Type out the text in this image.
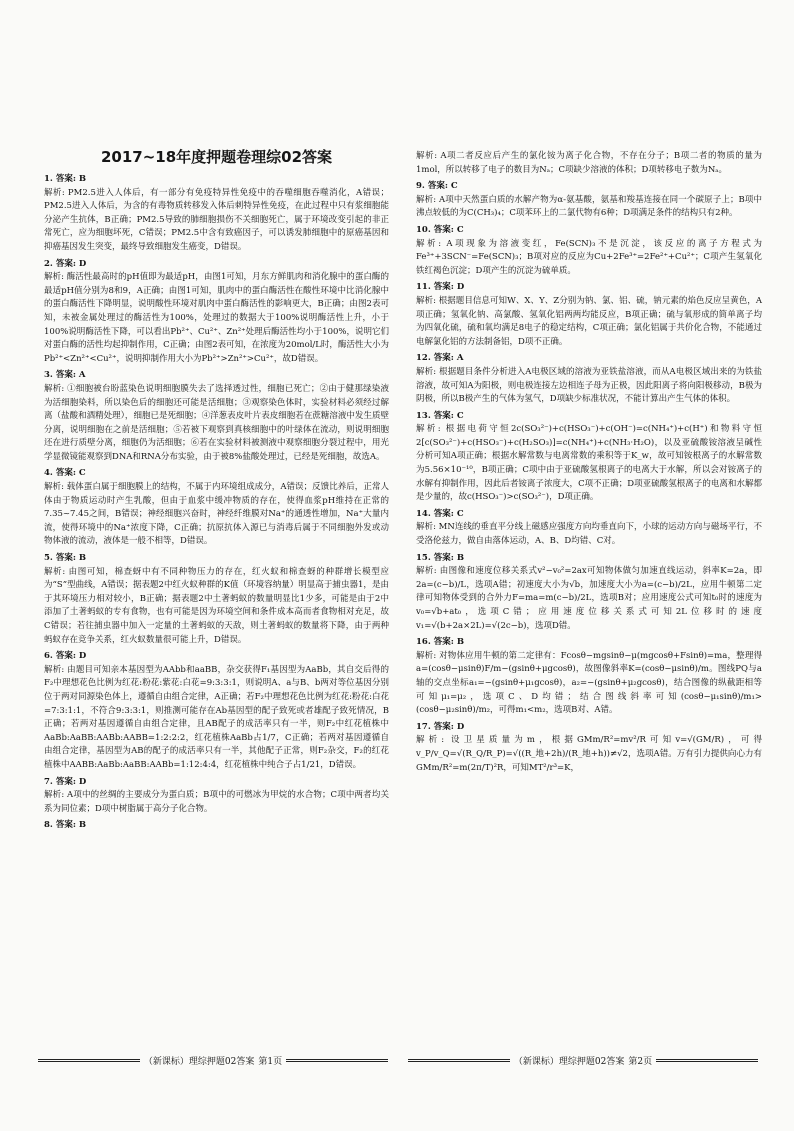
2017~18年度押题卷理综02答案

1. 答案: B

解析: PM2.5进入人体后，有一部分有免疫特异性免疫中的吞噬细胞吞噬消化，A错误；PM2.5进入人体后，为含的有毒物质转移发入体后刺特异性免疫，在此过程中只有浆细胞能分泌产生抗体，B正确；PM2.5导致的肺细胞损伤不关细胞死亡，属于环境改变引起的非正常死亡，应为细胞坏死，C错误；PM2.5中含有致癌因子，可以诱发肺细胞中的原癌基因和抑癌基因发生突变，最终导致细胞发生癌变，D错误。

2. 答案: D

解析: 酶活性最高时的pH值即为最适pH，由图1可知，月东方鲜肌肉和消化腺中的蛋白酶的最适pH值分别为8和9，A正确；由图1可知，肌肉中的蛋白酶活性在酸性环境中比消化腺中的蛋白酶活性下降明显，说明酸性环境对肌肉中蛋白酶活性的影响更大，B正确；由图2表可知，未被金属处理过的酶活性为100%，处理过的数据大于100%说明酶活性上升，小于100%说明酶活性下降，可以看出Pb²⁺、Cu²⁺、Zn²⁺处理后酶活性均小于100%，说明它们对蛋白酶的活性均起抑制作用，C正确；由图2表可知，在浓度为20mol/L时，酶活性大小为Pb²⁺<Zn²⁺<Cu²⁺，说明抑制作用大小为Pb²⁺>Zn²⁺>Cu²⁺，故D错误。

3. 答案: A

解析: ①细胞被台盼蓝染色说明细胞膜失去了选择透过性，细胞已死亡；②由于健那绿染液为活细胞染料，所以染色后的细胞还可能是活细胞；③观察染色体时，实验材料必须经过解离（盐酸和酒精处理），细胞已是死细胞；④洋葱表皮叶片表皮细胞若在蔗糖溶液中发生质壁分离，说明细胞在之前是活细胞；⑤若被下观察到真核细胞中的叶绿体在流动，则说明细胞还在进行质壁分离，细胞仍为活细胞；⑥若在实验材料被测液中观察细胞分裂过程中，用光学显微镜能观察到DNA和RNA分布实验，由于被8%盐酸处理过，已经是死细胞，故选A。

4. 答案: C

解析: 载体蛋白属于细胞膜上的结构，不属于内环境组成成分，A错误；反馈比养后，正常人体由于物质运动时产生乳酸，但由于血浆中缓冲物质的存在，使得血浆pH维持在正常的7.35~7.45之间，B错误；神经细胞兴奋时，神经纤维膜对Na⁺的通透性增加，Na⁺大量内流，使得环境中的Na⁺浓度下降，C正确；抗原抗体入源已与消毒后属于不同细胞外发或动物体液的流动，液体是一般不相等，D错误。

5. 答案: B

解析: 由图可知，棉查蚜中有不同种物压力的存在，红火蚁和棉查蚜的种群增长模型应为“S”型曲线，A错误；据表题2中红火蚁种群的K值（环境容纳量）明显高于捕虫器1，是由于其环境压力相对较小，B正确；据表题2中土著蚂蚁的数量明显比1少多，可能是由于2中添加了土著蚂蚁的专有食物，也有可能是因为环境空间和条件成本高而者食物相对充足，故C错误；若往捕虫器中加入一定量的土著蚂蚁的天敌，则土著蚂蚁的数量将下降，由于两种蚂蚁存在竞争关系，红火蚁数量很可能上升，D错误。

6. 答案: D

解析: 由题目可知亲本基因型为AAbb和aaBB，杂交获得F₁基因型为AaBb，其自交后得的F₂中理想花色比例为红花:粉花:紫花:白花=9:3:3:1，则说明A、a与B、b两对等位基因分别位于两对同源染色体上，遵循自由组合定律，A正确；若F₂中理想花色比例为红花:粉花:白花=7:3:1:1，不符合9:3:3:1，则推测可能存在Ab基因型的配子致死或者雄配子致死情况，B正确；若两对基因遵循自由组合定律，且AB配子的成活率只有一半，则F₂中红花植株中AaBb:AaBB:AABb:AABB=1:2:2:2，红花植株AaBb占1/7，C正确；若两对基因遵循自由组合定律，基因型为AB的配子的成活率只有一半，其他配子正常，则F₂杂交，F₂的红花植株中AABB:AaBb:AaBB:AABb=1:12:4:4，红花植株中纯合子占1/21，D错误。

7. 答案: D

解析: A项中的丝绸的主要成分为蛋白质；B项中的可燃冰为甲烷的水合物；C项中两者均关系为同位素；D项中树脂属于高分子化合物。

8. 答案: B

解析: A项二者反应后产生的氯化铵为离子化合物，不存在分子；B项二者的物质的量为1mol，所以转移了电子的数目为Nₐ；C项缺少溶液的体积；D项转移电子数为Nₐ。

9. 答案: C

解析: A项中天然蛋白质的水解产物为α-氨基酸，氨基和羧基连接在同一个碳原子上；B项中沸点较低的为C(CH₃)₄；C项苯环上的二氯代物有6种；D项满足条件的结构只有2种。

10. 答案: C

解析: A项现象为溶液变红，Fe(SCN)₃不是沉淀，该反应的离子方程式为Fe³⁺+3SCN⁻=Fe(SCN)₃；B项对应的反应为Cu+2Fe³⁺=2Fe²⁺+Cu²⁺；C项产生氢氧化铁红褐色沉淀；D项产生的沉淀为硫单质。

11. 答案: D

解析: 根据题目信息可知W、X、Y、Z分别为钠、氯、铝、硫，钠元素的焰色反应呈黄色，A项正确；氢氧化钠、高氯酸、氢氧化铝两两均能反应，B项正确；硫与氧形成的简单离子均为四氧化硫，硫和氧均满足8电子的稳定结构，C项正确；氯化铝属于共价化合物，不能通过电解氯化铝的方法制备铝，D项不正确。

12. 答案: A

解析: 根据题目条件分析进入A电极区域的溶液为亚铁盐溶液，而从A电极区域出来的为铁盐溶液，故可知A为阳极，则电极连接左边相连子母为正极，因此阳离子将向阳极移动，B极为阴极，所以B极产生的气体为氢气，D项缺少标准状况，不能计算出产生气体的体积。

13. 答案: C

解析: 根据电荷守恒2c(SO₃²⁻)+c(HSO₃⁻)+c(OH⁻)=c(NH₄⁺)+c(H⁺)和物料守恒2[c(SO₃²⁻)+c(HSO₃⁻)+c(H₂SO₃)]=c(NH₄⁺)+c(NH₃·H₂O)，以及亚硫酸铵溶液呈碱性分析可知A项正确；根据水解常数与电离常数的乘积等于K_w，故可知铵根离子的水解常数为5.56×10⁻¹⁰，B项正确；C项中由于亚硫酸氢根离子的电离大于水解，所以会对铵离子的水解有抑制作用，因此后者铵离子浓度大，C项不正确；D项亚硫酸氢根离子的电离和水解都是少量的，故c(HSO₃⁻)>c(SO₃²⁻)，D项正确。

14. 答案: C

解析: MN连线的垂直平分线上磁感应强度方向均垂直向下，小球的运动方向与磁场平行，不受洛伦兹力，做自由落体运动，A、B、D均错、C对。

15. 答案: B

解析: 由图像和速度位移关系式v²−v₀²=2ax可知物体做匀加速直线运动，斜率K=2a，即2a=(c−b)/L，选项A错；初速度大小为√b，加速度大小为a=(c−b)/2L，应用牛顿第二定律可知物体受到的合外力F=ma=m(c−b)/2L，选项B对；应用速度公式可知t₀时的速度为v₀=√b+at₀，选项C错；应用速度位移关系式可知2L位移时的速度v₁=√(b+2a×2L)=√(2c−b)，选项D错。

16. 答案: B

解析: 对物体应用牛顿的第二定律有：Fcosθ−mgsinθ−μ(mgcosθ+Fsinθ)=ma，整理得a=(cosθ−μsinθ)F/m−(gsinθ+μgcosθ)，故图像斜率K=(cosθ−μsinθ)/m。图线PQ与a轴的交点坐标a₁=−(gsinθ+μ₁gcosθ)，a₂=−(gsinθ+μ₂gcosθ)，结合图像的纵截距相等可知μ₁=μ₂，选项C、D均错；结合图线斜率可知(cosθ−μ₁sinθ)/m₁>(cosθ−μ₂sinθ)/m₂，可得m₁<m₂，选项B对、A错。

17. 答案: D

解析: 设卫星质量为m，根据GMm/R²=mv²/R可知v=√(GM/R)，可得v_P/v_Q=√(R_Q/R_P)=√((R_地+2h)/(R_地+h))≠√2，选项A错。万有引力提供向心力有GMm/R²=m(2π/T)²R，可知MT²/r³=K，

（新课标）理综押题02答案 第1页	（新课标）理综押题02答案 第2页
